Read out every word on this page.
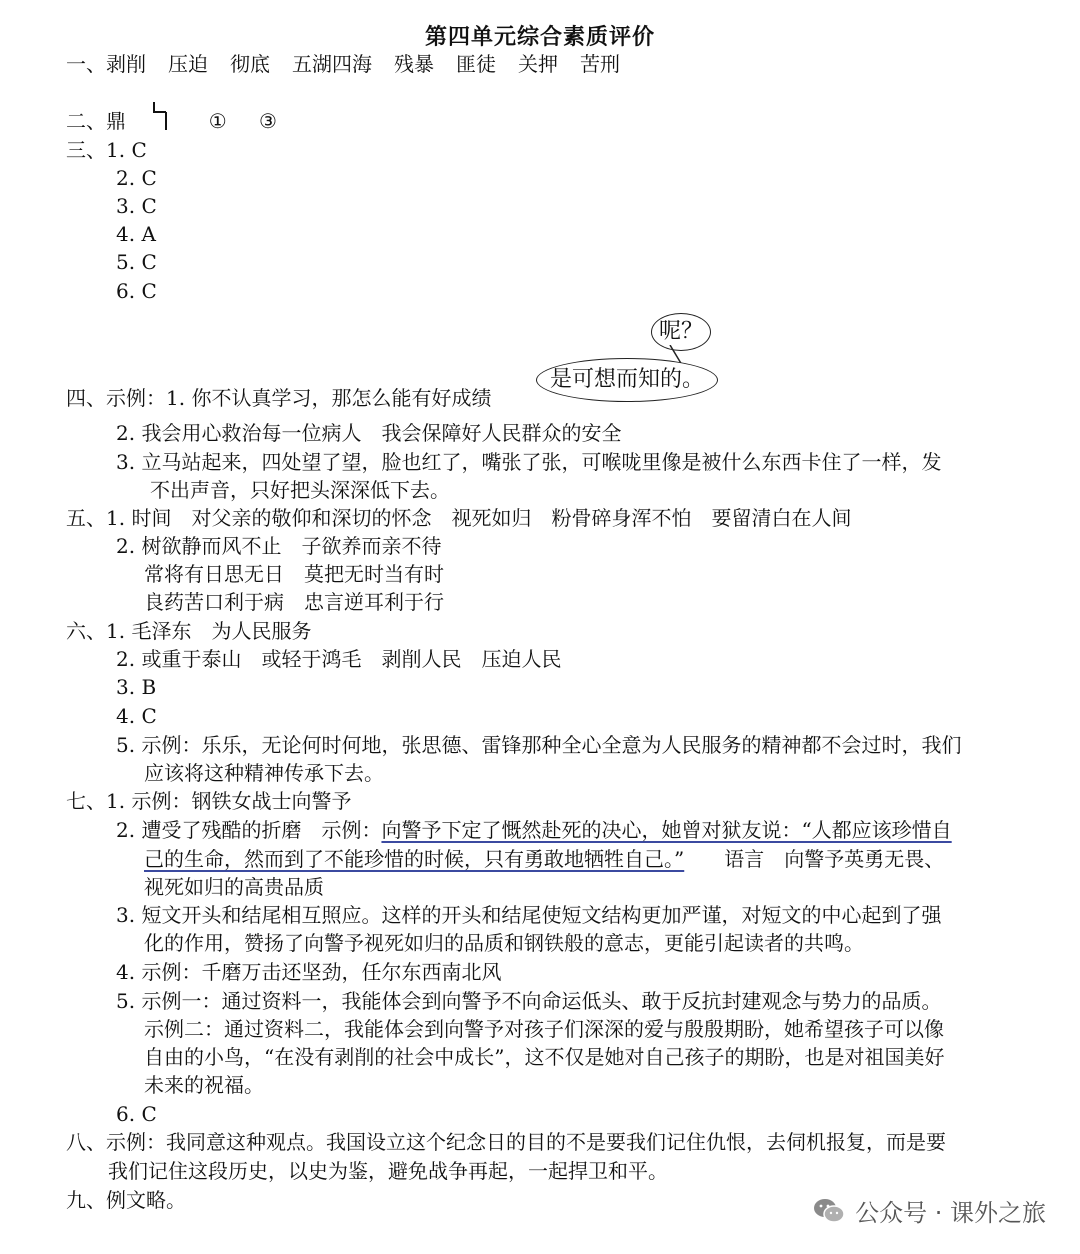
第四单元综合素质评价
一、剥削 压迫 彻底 五湖四海 残暴 匪徒 关押 苦刑
二、鼎	① ③
三、1. C
2. C
3. C
4. A
5. C
6. C
呢？
是可想而知的。
四、示例：1. 你不认真学习，那怎么能有好成绩
2. 我会用心救治每一位病人　我会保障好人民群众的安全
3. 立马站起来，四处望了望，脸也红了，嘴张了张，可喉咙里像是被什么东西卡住了一样，发
不出声音，只好把头深深低下去。
五、1. 时间　对父亲的敬仰和深切的怀念　视死如归　粉骨碎身浑不怕　要留清白在人间
2. 树欲静而风不止　子欲养而亲不待
常将有日思无日　莫把无时当有时
良药苦口利于病　忠言逆耳利于行
六、1. 毛泽东　为人民服务
2. 或重于泰山　或轻于鸿毛　剥削人民　压迫人民
3. B
4. C
5. 示例：乐乐，无论何时何地，张思德、雷锋那种全心全意为人民服务的精神都不会过时，我们
应该将这种精神传承下去。
七、1. 示例：钢铁女战士向警予
2. 遭受了残酷的折磨　示例：向警予下定了慨然赴死的决心，她曾对狱友说：“人都应该珍惜自
己的生命，然而到了不能珍惜的时候，只有勇敢地牺牲自己。”　　语言　向警予英勇无畏、
视死如归的高贵品质
3. 短文开头和结尾相互照应。这样的开头和结尾使短文结构更加严谨，对短文的中心起到了强
化的作用，赞扬了向警予视死如归的品质和钢铁般的意志，更能引起读者的共鸣。
4. 示例：千磨万击还坚劲，任尔东西南北风
5. 示例一：通过资料一，我能体会到向警予不向命运低头、敢于反抗封建观念与势力的品质。
示例二：通过资料二，我能体会到向警予对孩子们深深的爱与殷殷期盼，她希望孩子可以像
自由的小鸟，“在没有剥削的社会中成长”，这不仅是她对自己孩子的期盼，也是对祖国美好
未来的祝福。
6. C
八、示例：我同意这种观点。我国设立这个纪念日的目的不是要我们记住仇恨，去伺机报复，而是要
我们记住这段历史，以史为鉴，避免战争再起，一起捍卫和平。
九、例文略。	公众号 · 课外之旅
